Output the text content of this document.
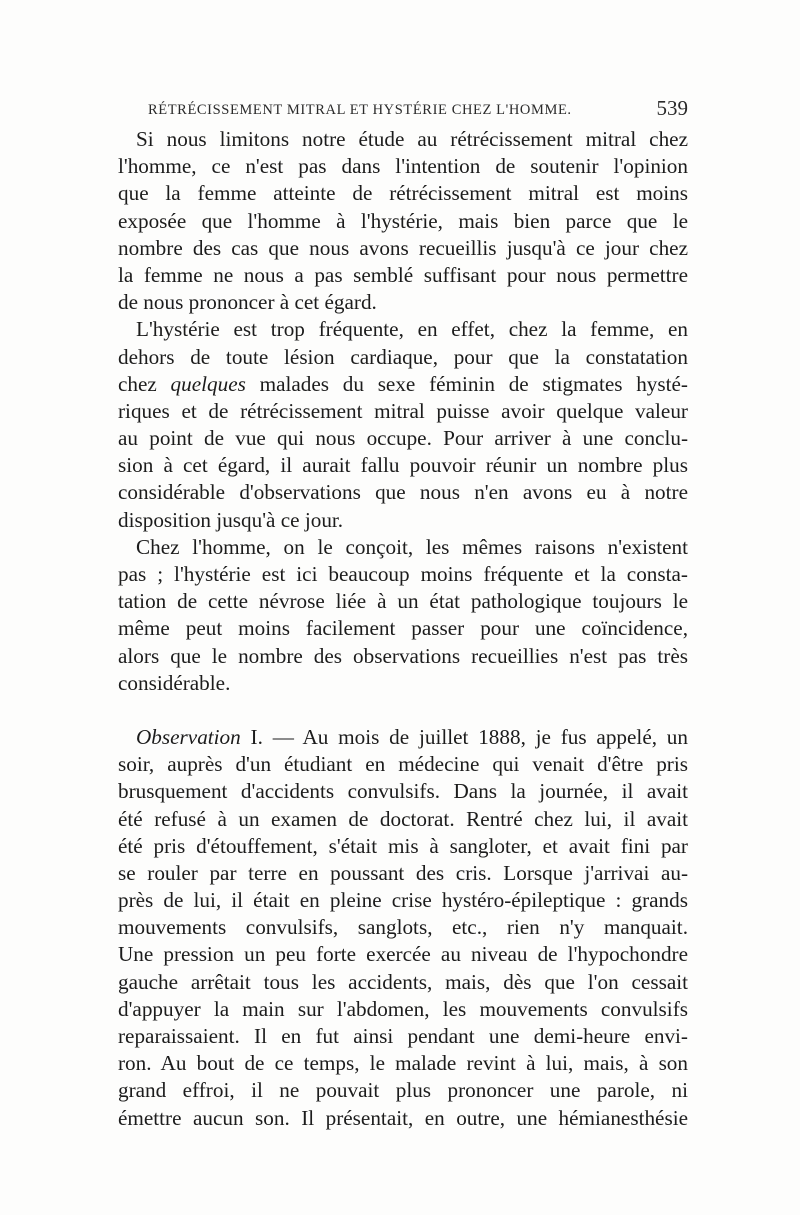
RÉTRÉCISSEMENT MITRAL ET HYSTÉRIE CHEZ L'HOMME.	539
Si nous limitons notre étude au rétrécissement mitral chez
l'homme, ce n'est pas dans l'intention de soutenir l'opinion
que la femme atteinte de rétrécissement mitral est moins
exposée que l'homme à l'hystérie, mais bien parce que le
nombre des cas que nous avons recueillis jusqu'à ce jour chez
la femme ne nous a pas semblé suffisant pour nous permettre
de nous prononcer à cet égard.
L'hystérie est trop fréquente, en effet, chez la femme, en
dehors de toute lésion cardiaque, pour que la constatation
chez quelques malades du sexe féminin de stigmates hysté-
riques et de rétrécissement mitral puisse avoir quelque valeur
au point de vue qui nous occupe. Pour arriver à une conclu-
sion à cet égard, il aurait fallu pouvoir réunir un nombre plus
considérable d'observations que nous n'en avons eu à notre
disposition jusqu'à ce jour.
Chez l'homme, on le conçoit, les mêmes raisons n'existent
pas ; l'hystérie est ici beaucoup moins fréquente et la consta-
tation de cette névrose liée à un état pathologique toujours le
même peut moins facilement passer pour une coïncidence,
alors que le nombre des observations recueillies n'est pas très
considérable.
Observation I. — Au mois de juillet 1888, je fus appelé, un
soir, auprès d'un étudiant en médecine qui venait d'être pris
brusquement d'accidents convulsifs. Dans la journée, il avait
été refusé à un examen de doctorat. Rentré chez lui, il avait
été pris d'étouffement, s'était mis à sangloter, et avait fini par
se rouler par terre en poussant des cris. Lorsque j'arrivai au-
près de lui, il était en pleine crise hystéro-épileptique : grands
mouvements convulsifs, sanglots, etc., rien n'y manquait.
Une pression un peu forte exercée au niveau de l'hypochondre
gauche arrêtait tous les accidents, mais, dès que l'on cessait
d'appuyer la main sur l'abdomen, les mouvements convulsifs
reparaissaient. Il en fut ainsi pendant une demi-heure envi-
ron. Au bout de ce temps, le malade revint à lui, mais, à son
grand effroi, il ne pouvait plus prononcer une parole, ni
émettre aucun son. Il présentait, en outre, une hémianesthésie
